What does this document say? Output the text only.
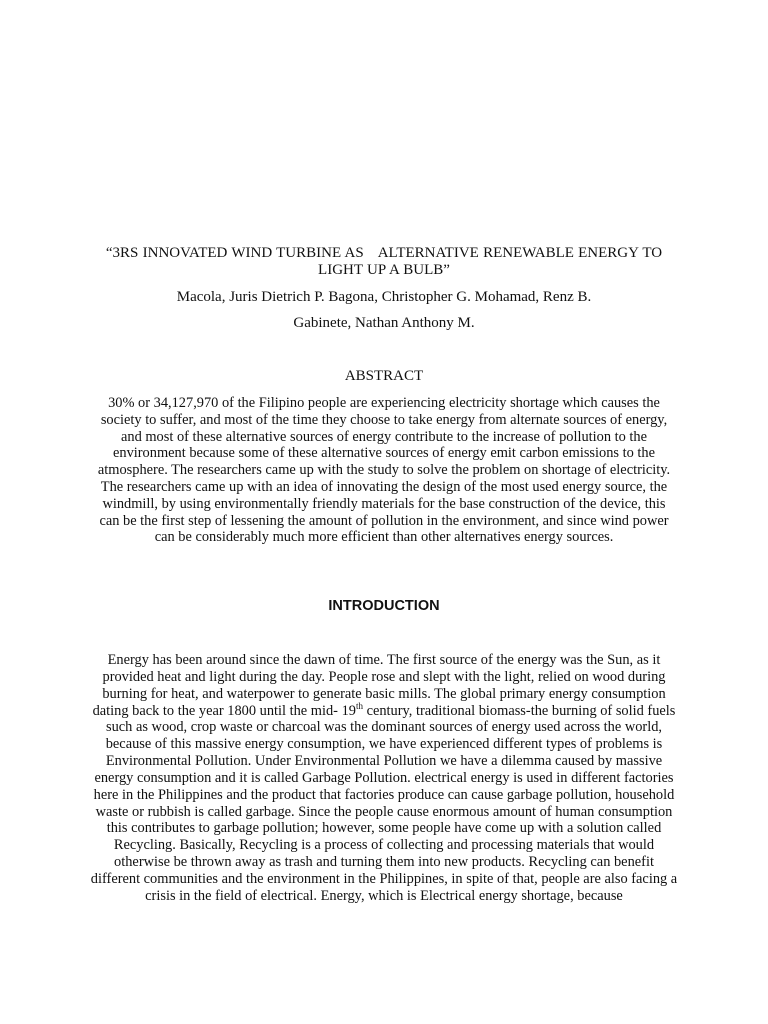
“3RS INNOVATED WIND TURBINE AS ALTERNATIVE RENEWABLE ENERGY TO LIGHT UP A BULB”
Macola, Juris Dietrich P. Bagona, Christopher G. Mohamad, Renz B.
Gabinete, Nathan Anthony M.
ABSTRACT
30% or 34,127,970 of the Filipino people are experiencing electricity shortage which causes the society to suffer, and most of the time they choose to take energy from alternate sources of energy, and most of these alternative sources of energy contribute to the increase of pollution to the environment because some of these alternative sources of energy emit carbon emissions to the atmosphere. The researchers came up with the study to solve the problem on shortage of electricity. The researchers came up with an idea of innovating the design of the most used energy source, the windmill, by using environmentally friendly materials for the base construction of the device, this can be the first step of lessening the amount of pollution in the environment, and since wind power can be considerably much more efficient than other alternatives energy sources.
INTRODUCTION
Energy has been around since the dawn of time. The first source of the energy was the Sun, as it provided heat and light during the day. People rose and slept with the light, relied on wood during burning for heat, and waterpower to generate basic mills. The global primary energy consumption dating back to the year 1800 until the mid- 19th century, traditional biomass-the burning of solid fuels such as wood, crop waste or charcoal was the dominant sources of energy used across the world, because of this massive energy consumption, we have experienced different types of problems is Environmental Pollution. Under Environmental Pollution we have a dilemma caused by massive energy consumption and it is called Garbage Pollution. electrical energy is used in different factories here in the Philippines and the product that factories produce can cause garbage pollution, household waste or rubbish is called garbage. Since the people cause enormous amount of human consumption this contributes to garbage pollution; however, some people have come up with a solution called Recycling. Basically, Recycling is a process of collecting and processing materials that would otherwise be thrown away as trash and turning them into new products. Recycling can benefit different communities and the environment in the Philippines, in spite of that, people are also facing a crisis in the field of electrical. Energy, which is Electrical energy shortage, because
